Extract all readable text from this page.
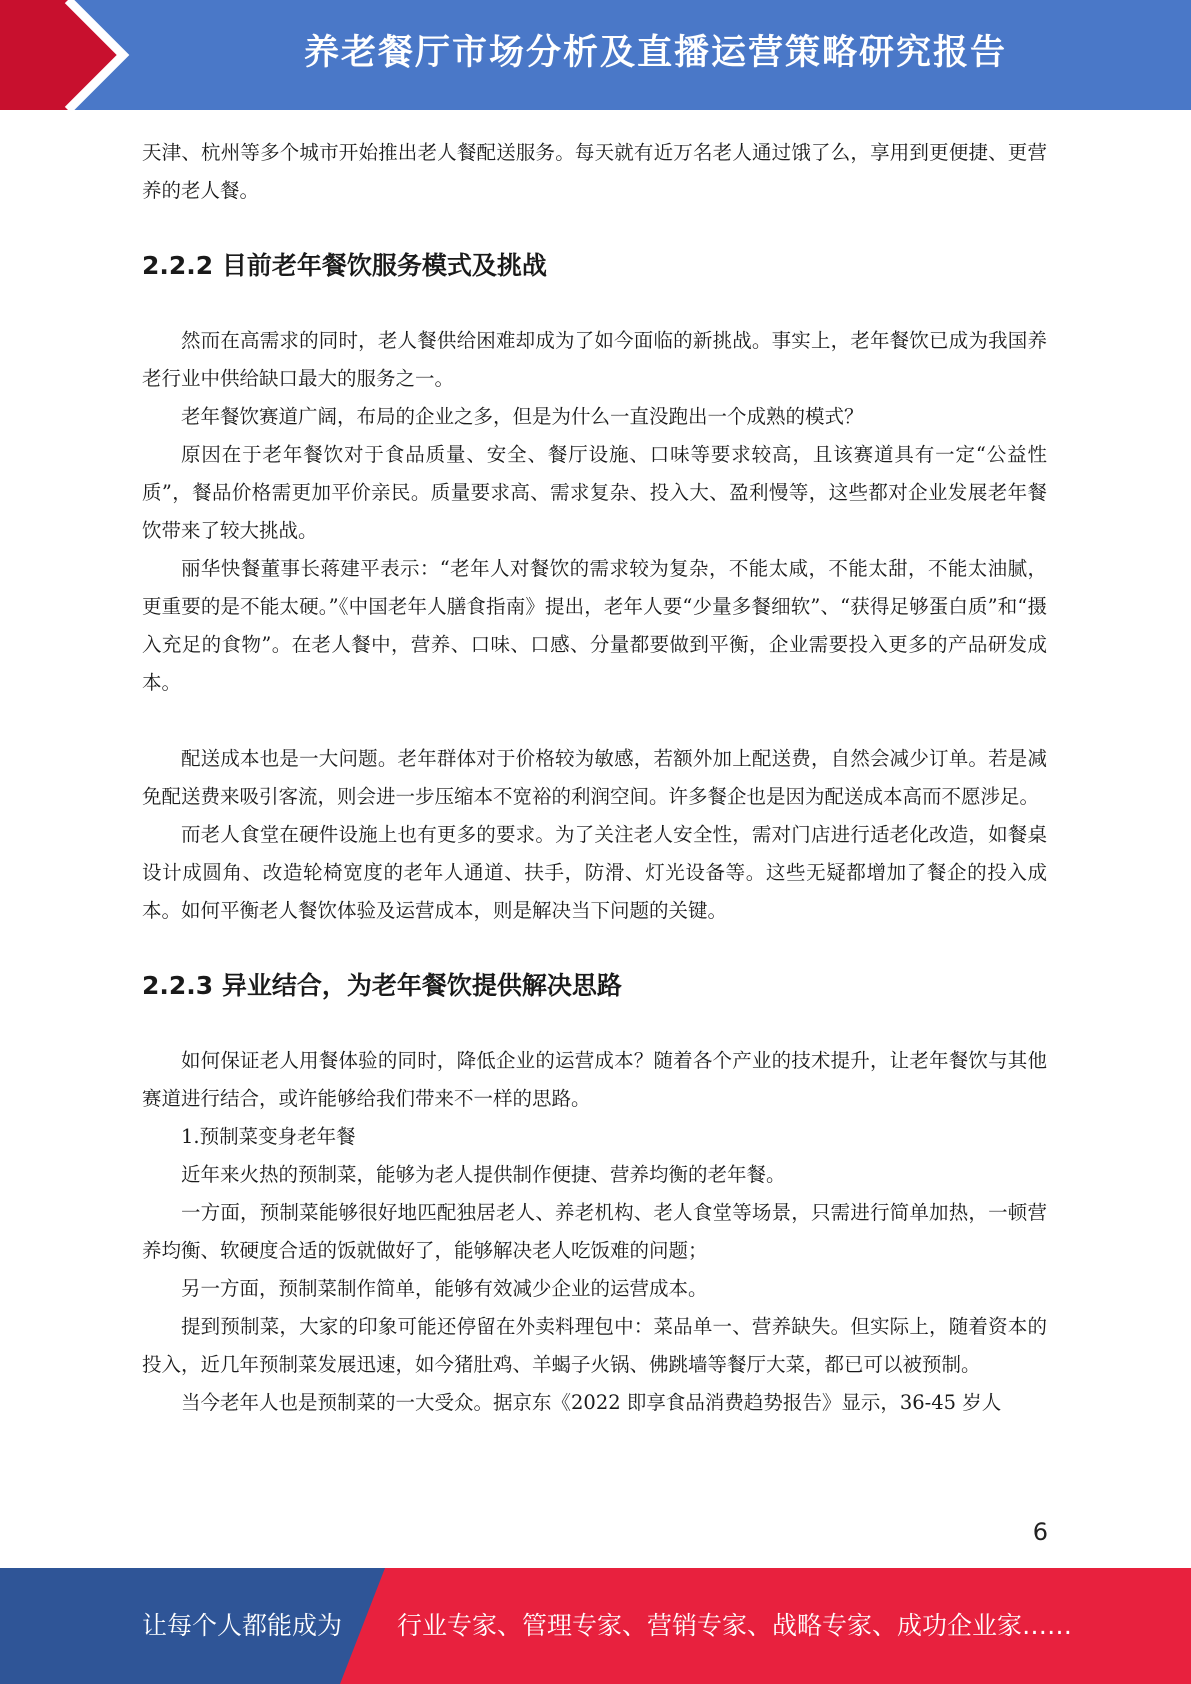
养老餐厅市场分析及直播运营策略研究报告

天津、杭州等多个城市开始推出老人餐配送服务。每天就有近万名老人通过饿了么，享用到更便捷、更营养的老人餐。

2.2.2 目前老年餐饮服务模式及挑战

然而在高需求的同时，老人餐供给困难却成为了如今面临的新挑战。事实上，老年餐饮已成为我国养老行业中供给缺口最大的服务之一。

老年餐饮赛道广阔，布局的企业之多，但是为什么一直没跑出一个成熟的模式？

原因在于老年餐饮对于食品质量、安全、餐厅设施、口味等要求较高，且该赛道具有一定“公益性质”，餐品价格需更加平价亲民。质量要求高、需求复杂、投入大、盈利慢等，这些都对企业发展老年餐饮带来了较大挑战。

丽华快餐董事长蒋建平表示：“老年人对餐饮的需求较为复杂，不能太咸，不能太甜，不能太油腻，更重要的是不能太硬。”《中国老年人膳食指南》提出，老年人要“少量多餐细软”、“获得足够蛋白质”和“摄入充足的食物”。在老人餐中，营养、口味、口感、分量都要做到平衡，企业需要投入更多的产品研发成本。

配送成本也是一大问题。老年群体对于价格较为敏感，若额外加上配送费，自然会减少订单。若是减免配送费来吸引客流，则会进一步压缩本不宽裕的利润空间。许多餐企也是因为配送成本高而不愿涉足。

而老人食堂在硬件设施上也有更多的要求。为了关注老人安全性，需对门店进行适老化改造，如餐桌设计成圆角、改造轮椅宽度的老年人通道、扶手，防滑、灯光设备等。这些无疑都增加了餐企的投入成本。如何平衡老人餐饮体验及运营成本，则是解决当下问题的关键。

2.2.3 异业结合，为老年餐饮提供解决思路

如何保证老人用餐体验的同时，降低企业的运营成本？随着各个产业的技术提升，让老年餐饮与其他赛道进行结合，或许能够给我们带来不一样的思路。

1.预制菜变身老年餐

近年来火热的预制菜，能够为老人提供制作便捷、营养均衡的老年餐。

一方面，预制菜能够很好地匹配独居老人、养老机构、老人食堂等场景，只需进行简单加热，一顿营养均衡、软硬度合适的饭就做好了，能够解决老人吃饭难的问题；

另一方面，预制菜制作简单，能够有效减少企业的运营成本。

提到预制菜，大家的印象可能还停留在外卖料理包中：菜品单一、营养缺失。但实际上，随着资本的投入，近几年预制菜发展迅速，如今猪肚鸡、羊蝎子火锅、佛跳墙等餐厅大菜，都已可以被预制。

当今老年人也是预制菜的一大受众。据京东《2022 即享食品消费趋势报告》显示，36-45 岁人

6
让每个人都能成为 行业专家、管理专家、营销专家、战略专家、成功企业家……
